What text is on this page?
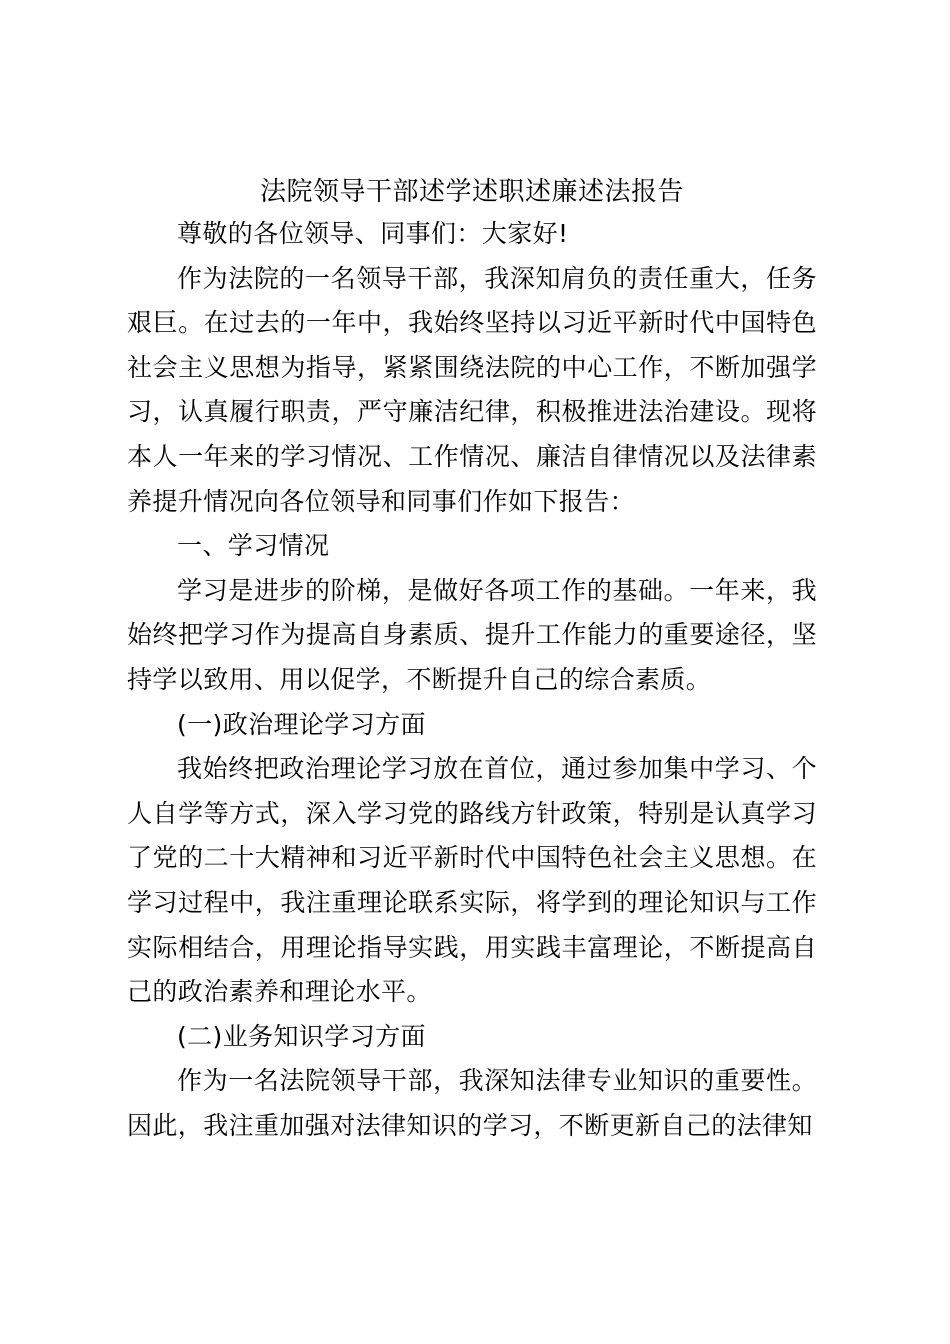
法院领导干部述学述职述廉述法报告

尊敬的各位领导、同事们：大家好!

作为法院的一名领导干部，我深知肩负的责任重大，任务艰巨。在过去的一年中，我始终坚持以习近平新时代中国特色社会主义思想为指导，紧紧围绕法院的中心工作，不断加强学习，认真履行职责，严守廉洁纪律，积极推进法治建设。现将本人一年来的学习情况、工作情况、廉洁自律情况以及法律素养提升情况向各位领导和同事们作如下报告：

一、学习情况

学习是进步的阶梯，是做好各项工作的基础。一年来，我始终把学习作为提高自身素质、提升工作能力的重要途径，坚持学以致用、用以促学，不断提升自己的综合素质。

(一)政治理论学习方面

我始终把政治理论学习放在首位，通过参加集中学习、个人自学等方式，深入学习党的路线方针政策，特别是认真学习了党的二十大精神和习近平新时代中国特色社会主义思想。在学习过程中，我注重理论联系实际，将学到的理论知识与工作实际相结合，用理论指导实践，用实践丰富理论，不断提高自己的政治素养和理论水平。

(二)业务知识学习方面

作为一名法院领导干部，我深知法律专业知识的重要性。因此，我注重加强对法律知识的学习，不断更新自己的法律知
